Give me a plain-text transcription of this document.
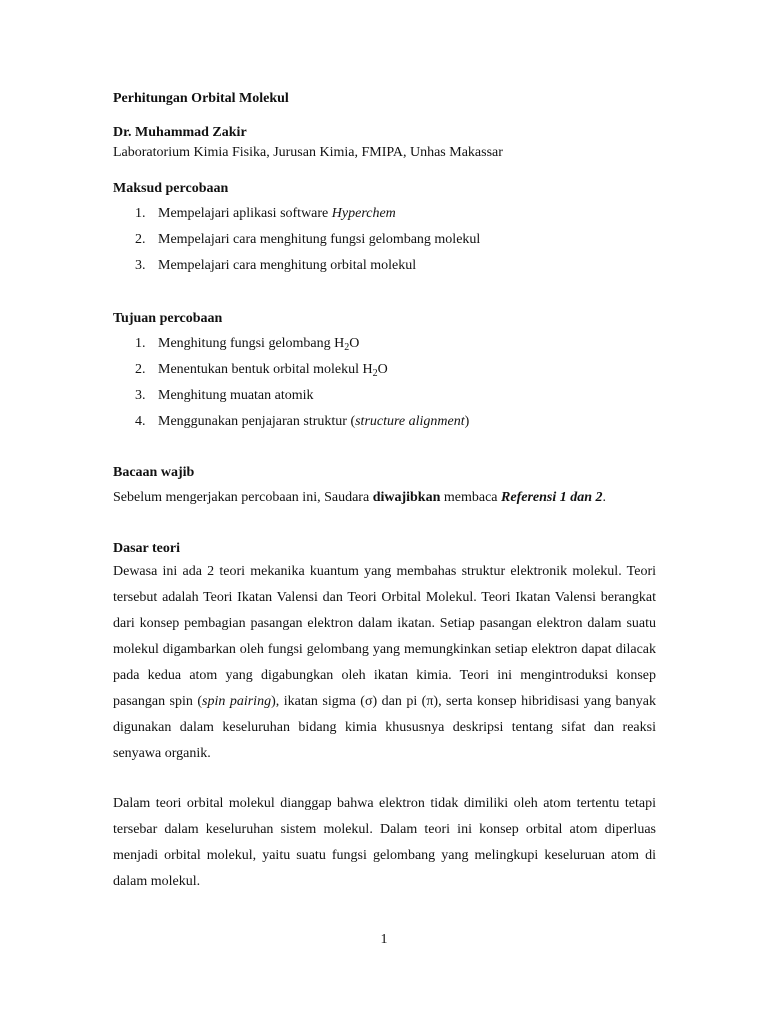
Perhitungan Orbital Molekul
Dr. Muhammad Zakir
Laboratorium Kimia Fisika, Jurusan Kimia, FMIPA, Unhas Makassar
Maksud percobaan
1. Mempelajari aplikasi software Hyperchem
2. Mempelajari cara menghitung fungsi gelombang molekul
3. Mempelajari cara menghitung orbital molekul
Tujuan percobaan
1. Menghitung fungsi gelombang $H_2O$
2. Menentukan bentuk orbital molekul $H_2O$
3. Menghitung muatan atomik
4. Menggunakan penjajaran struktur (structure alignment)
Bacaan wajib

Sebelum mengerjakan percobaan ini, Saudara diwajibkan membaca Referensi 1 dan 2.

Dasar teori

Dewasa ini ada 2 teori mekanika kuantum yang membahas struktur elektronik molekul. Teori tersebut adalah Teori Ikatan Valensi dan Teori Orbital Molekul. Teori Ikatan Valensi berangkat dari konsep pembagian pasangan elektron dalam ikatan. Setiap pasangan elektron dalam suatu molekul digambarkan oleh fungsi gelombang yang memungkinkan setiap elektron dapat dilacak pada kedua atom yang digabungkan oleh ikatan kimia. Teori ini mengintroduksi konsep pasangan spin (spin pairing), ikatan sigma (σ) dan pi (π), serta konsep hibridisasi yang banyak digunakan dalam keseluruhan bidang kimia khususnya deskripsi tentang sifat dan reaksi senyawa organik.

Dalam teori orbital molekul dianggap bahwa elektron tidak dimiliki oleh atom tertentu tetapi tersebar dalam keseluruhan sistem molekul. Dalam teori ini konsep orbital atom diperluas menjadi orbital molekul, yaitu suatu fungsi gelombang yang melingkupi keseluruan atom di dalam molekul.

1
